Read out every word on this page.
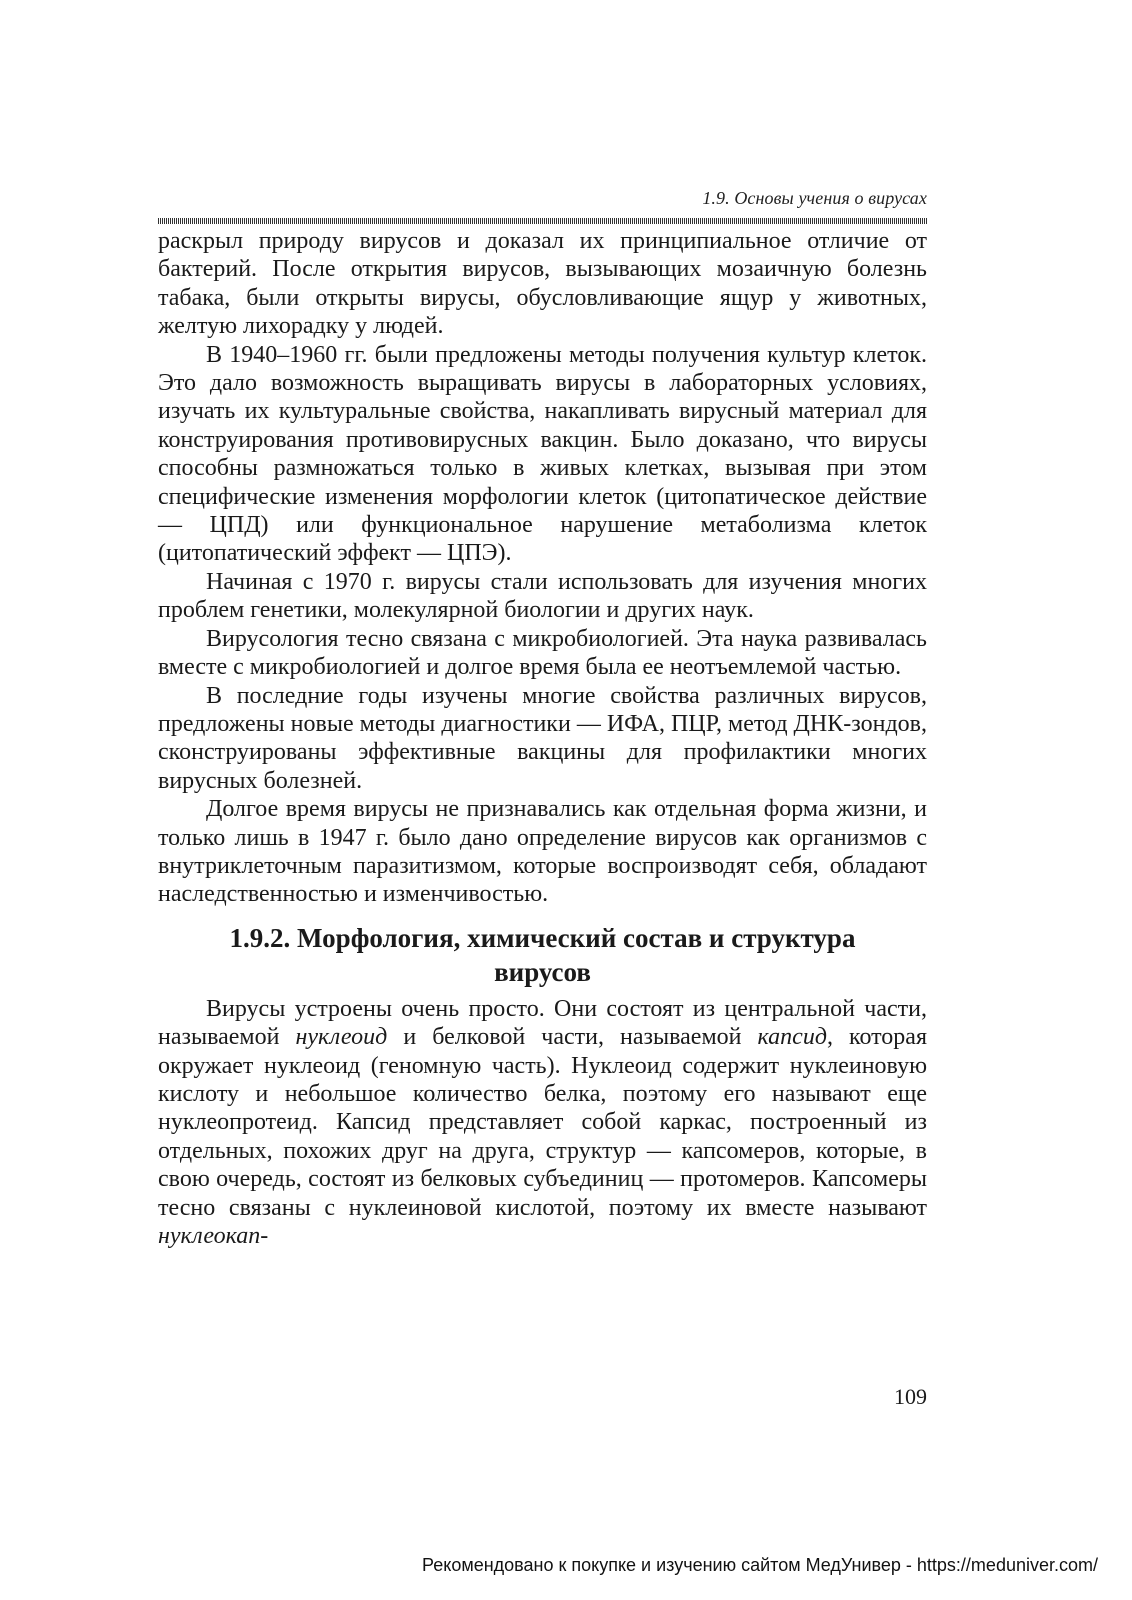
1.9. Основы учения о вирусах

раскрыл природу вирусов и доказал их принципиальное отличие от бактерий. После открытия вирусов, вызывающих мозаичную болезнь табака, были открыты вирусы, обусловливающие ящур у животных, желтую лихорадку у людей.

В 1940–1960 гг. были предложены методы получения культур клеток. Это дало возможность выращивать вирусы в лабораторных условиях, изучать их культуральные свойства, накапливать вирусный материал для конструирования противовирусных вакцин. Было доказано, что вирусы способны размножаться только в живых клетках, вызывая при этом специфические изменения морфологии клеток (цитопатическое действие — ЦПД) или функциональное нарушение метаболизма клеток (цитопатический эффект — ЦПЭ).

Начиная с 1970 г. вирусы стали использовать для изучения многих проблем генетики, молекулярной биологии и других наук.

Вирусология тесно связана с микробиологией. Эта наука развивалась вместе с микробиологией и долгое время была ее неотъемлемой частью.

В последние годы изучены многие свойства различных вирусов, предложены новые методы диагностики — ИФА, ПЦР, метод ДНК-зондов, сконструированы эффективные вакцины для профилактики многих вирусных болезней.

Долгое время вирусы не признавались как отдельная форма жизни, и только лишь в 1947 г. было дано определение вирусов как организмов с внутриклеточным паразитизмом, которые воспроизводят себя, обладают наследственностью и изменчивостью.

1.9.2. Морфология, химический состав и структура вирусов

Вирусы устроены очень просто. Они состоят из центральной части, называемой нуклеоид и белковой части, называемой капсид, которая окружает нуклеоид (геномную часть). Нуклеоид содержит нуклеиновую кислоту и небольшое количество белка, поэтому его называют еще нуклеопротеид. Капсид представляет собой каркас, построенный из отдельных, похожих друг на друга, структур — капсомеров, которые, в свою очередь, состоят из белковых субъединиц — протомеров. Капсомеры тесно связаны с нуклеиновой кислотой, поэтому их вместе называют нуклеокап-

109
Рекомендовано к покупке и изучению сайтом МедУнивер - https://meduniver.com/
